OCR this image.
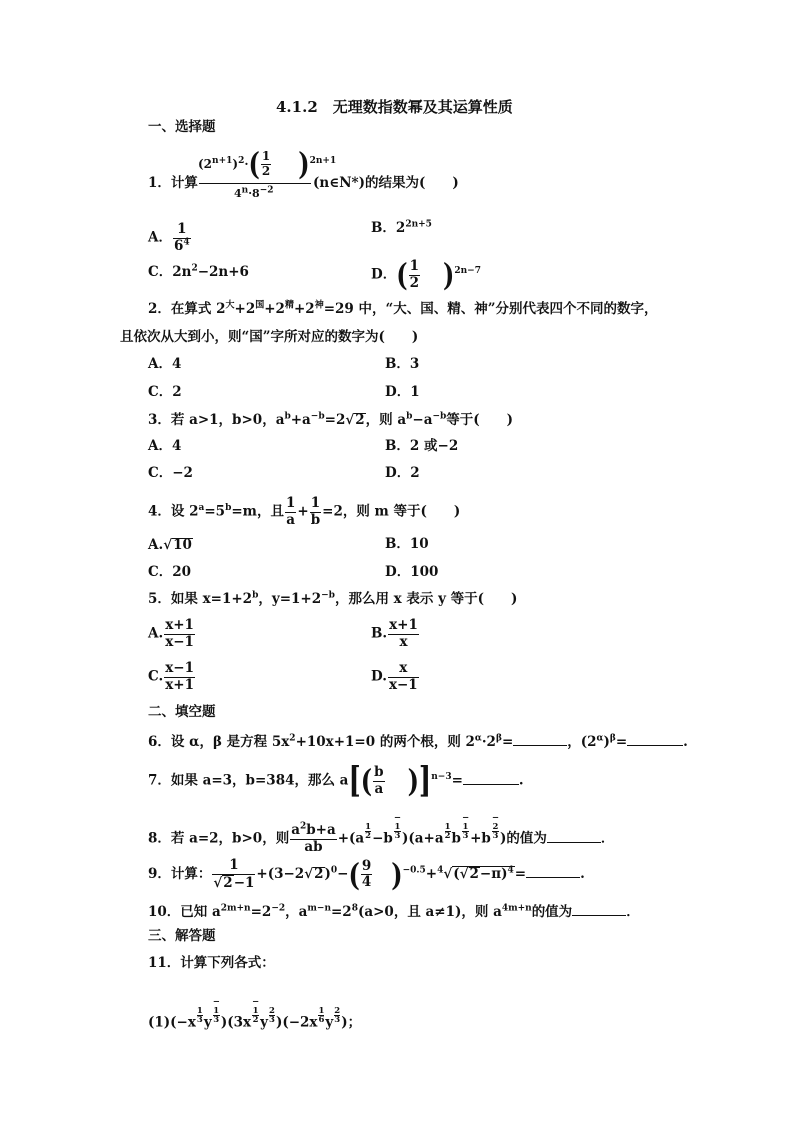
4.1.2　无理数指数幂及其运算性质
一、选择题
$(2^{n+1})^2\cdot( \frac{1}{2} )^{2n+1}$
1．计算
$4^n\cdot 8^{-2}$	(n∈N*)的结果为(　　)
A． $\frac{1}{6^4}$	B．$2^{2n+5}$
C．$2n^2-2n+6$	D．( $\frac{1}{2} )^{2n-7}$
2．在算式 $2^大+2^国+2^精+2^神=29$ 中，“大、国、精、神”分别代表四个不同的数字，
且依次从大到小，则“国”字所对应的数字为(　　)
A．4	B．3
C．2	D．1
3．若 a>1，b>0，$a^b+a^{-b}=2√2$，则 $a^b-a^{-b}$等于(　　)
A．4	B．2 或−2
C．−2	D．2
4．设 $2^a=5^b=m$，且 $\frac{1}{a} + \frac{1}{b} =2$，则 m 等于(　　)
A.√10	B．10
C．20	D．100
5．如果 $x=1+2^b$，$y=1+2^{-b}$，那么用 x 表示 y 等于(　　)
A. $\frac{x+1}{x-1}$	B. $\frac{x+1}{x}$
C. $\frac{x-1}{x+1}$	D. $\frac{x}{x-1}$
二、填空题
6．设 α，β 是方程 $5x^2+10x+1=0$ 的两个根，则 $2^\alpha\cdot 2^\beta=$	，$(2^\alpha)^\beta=$	.
7．如果 a=3，b=384，那么 $a[( \frac{b}{a} )]^{n-3}=$	.
8．若 a=2，b>0，则 $\frac{a^2b+a}{ab} +(a \frac{1}{2} -b$ −
1
3 )($a+a \frac{1}{2}$ b −
1
3 +b −
2
3 )的值为	．
9．计算： $\frac{1}{√2-1} +(3-2√2)^0-( \frac{9}{4} )^{-0.5}+^4√(√2-\pi)^4=$	.
10．已知 $a^{2m+n}=2^{-2}$，$a^{m-n}=2^8(a>0$，且 a≠1)，则 $a^{4m+n}$的值为	．
三、解答题
11．计算下列各式：
$(1)(-x \frac{1}{3}$ y −
1
3 )(3x −
1
2 y $\frac{2}{3} )(-2x \frac{1}{6}$ y $\frac{2}{3}$ )；
